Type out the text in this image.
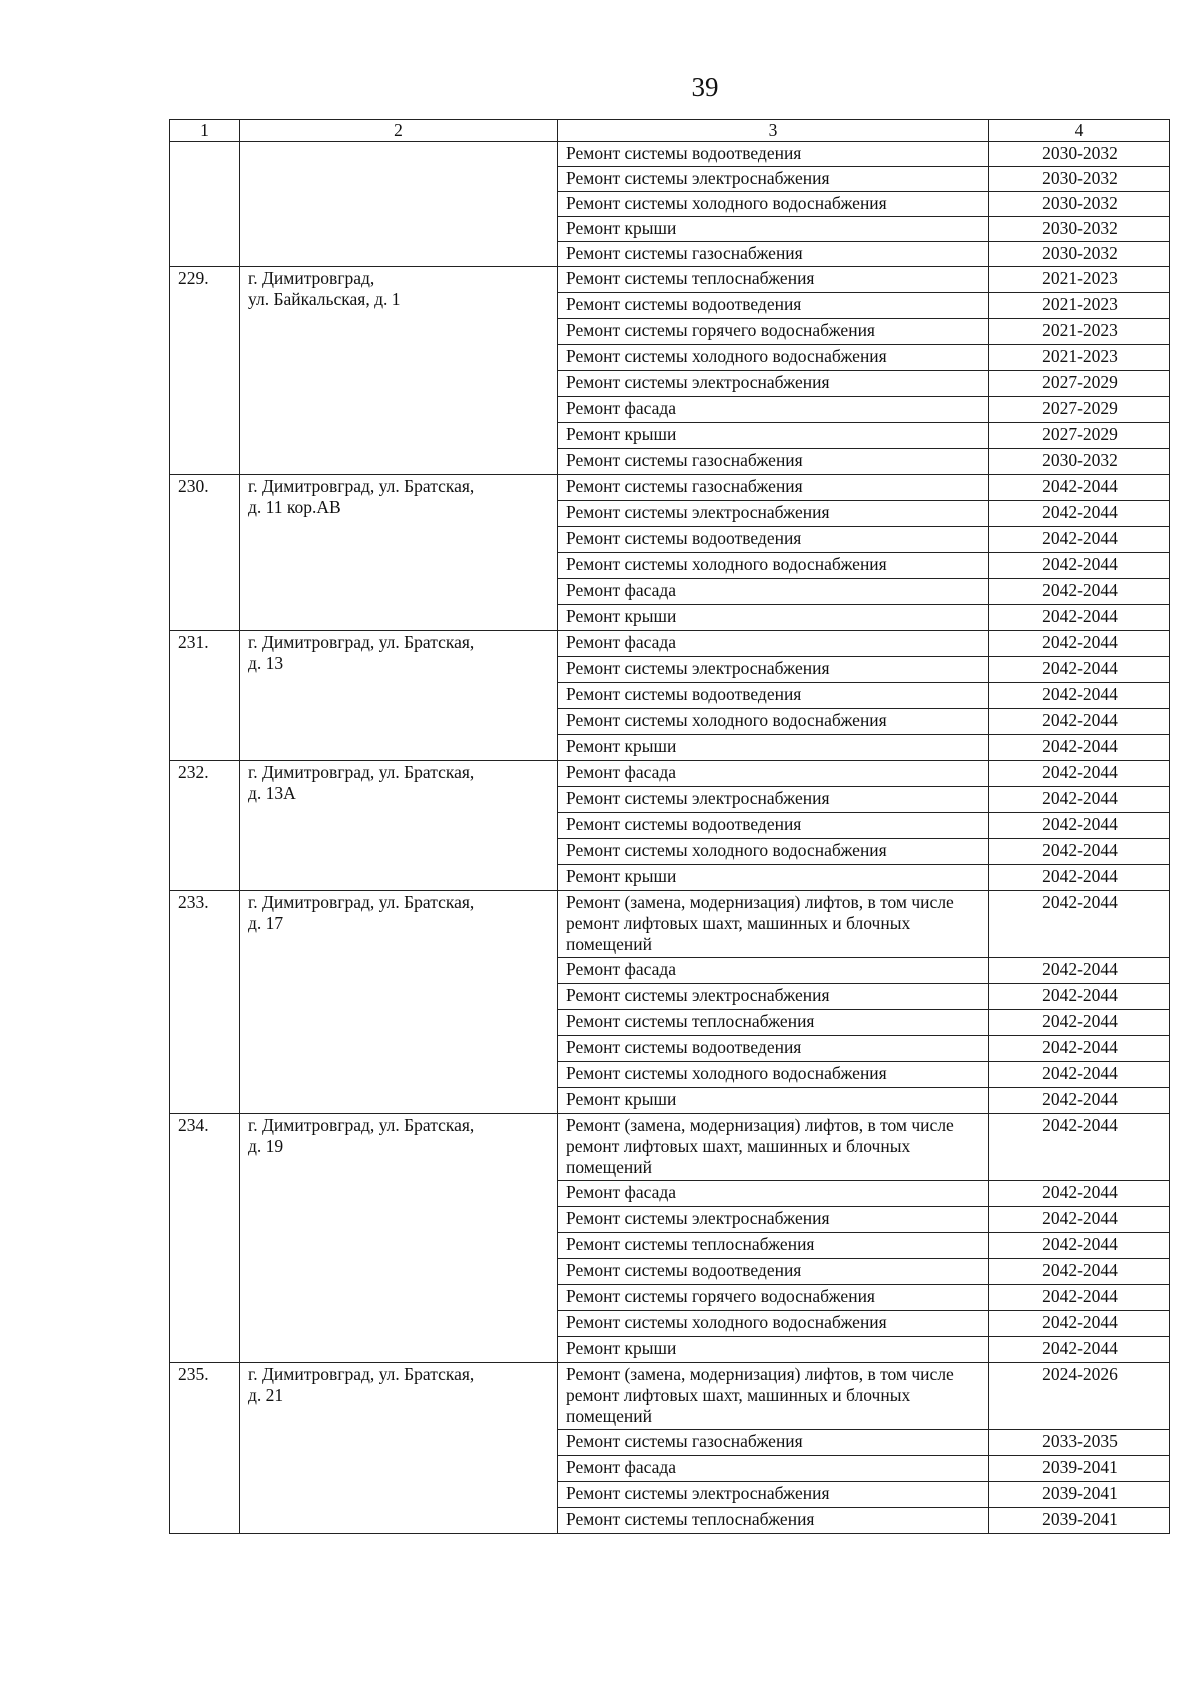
39
1	2	3	4
		Ремонт системы водоотведения	2030-2032
		Ремонт системы электроснабжения	2030-2032
		Ремонт системы холодного водоснабжения	2030-2032
		Ремонт крыши	2030-2032
		Ремонт системы газоснабжения	2030-2032
229.	г. Димитровград,
ул. Байкальская, д. 1	Ремонт системы теплоснабжения	2021-2023
		Ремонт системы водоотведения	2021-2023
		Ремонт системы горячего водоснабжения	2021-2023
		Ремонт системы холодного водоснабжения	2021-2023
		Ремонт системы электроснабжения	2027-2029
		Ремонт фасада	2027-2029
		Ремонт крыши	2027-2029
		Ремонт системы газоснабжения	2030-2032
230.	г. Димитровград, ул. Братская,
д. 11 кор.АВ	Ремонт системы газоснабжения	2042-2044
		Ремонт системы электроснабжения	2042-2044
		Ремонт системы водоотведения	2042-2044
		Ремонт системы холодного водоснабжения	2042-2044
		Ремонт фасада	2042-2044
		Ремонт крыши	2042-2044
231.	г. Димитровград, ул. Братская,
д. 13	Ремонт фасада	2042-2044
		Ремонт системы электроснабжения	2042-2044
		Ремонт системы водоотведения	2042-2044
		Ремонт системы холодного водоснабжения	2042-2044
		Ремонт крыши	2042-2044
232.	г. Димитровград, ул. Братская,
д. 13А	Ремонт фасада	2042-2044
		Ремонт системы электроснабжения	2042-2044
		Ремонт системы водоотведения	2042-2044
		Ремонт системы холодного водоснабжения	2042-2044
		Ремонт крыши	2042-2044
233.	г. Димитровград, ул. Братская,
д. 17	Ремонт (замена, модернизация) лифтов, в том числе ремонт лифтовых шахт, машинных и блочных помещений	2042-2044
		Ремонт фасада	2042-2044
		Ремонт системы электроснабжения	2042-2044
		Ремонт системы теплоснабжения	2042-2044
		Ремонт системы водоотведения	2042-2044
		Ремонт системы холодного водоснабжения	2042-2044
		Ремонт крыши	2042-2044
234.	г. Димитровград, ул. Братская,
д. 19	Ремонт (замена, модернизация) лифтов, в том числе ремонт лифтовых шахт, машинных и блочных помещений	2042-2044
		Ремонт фасада	2042-2044
		Ремонт системы электроснабжения	2042-2044
		Ремонт системы теплоснабжения	2042-2044
		Ремонт системы водоотведения	2042-2044
		Ремонт системы горячего водоснабжения	2042-2044
		Ремонт системы холодного водоснабжения	2042-2044
		Ремонт крыши	2042-2044
235.	г. Димитровград, ул. Братская,
д. 21	Ремонт (замена, модернизация) лифтов, в том числе ремонт лифтовых шахт, машинных и блочных помещений	2024-2026
		Ремонт системы газоснабжения	2033-2035
		Ремонт фасада	2039-2041
		Ремонт системы электроснабжения	2039-2041
		Ремонт системы теплоснабжения	2039-2041
